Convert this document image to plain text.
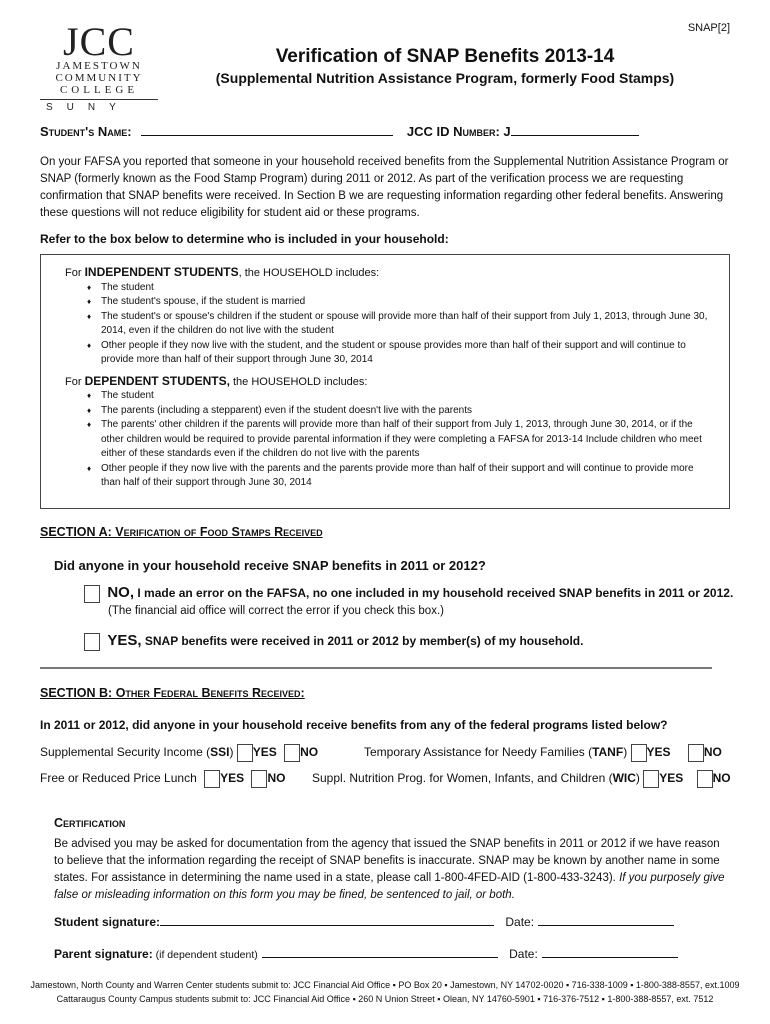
SNAP[2]
JCC
JAMESTOWN
COMMUNITY
COLLEGE
SUNY
Verification of SNAP Benefits 2013-14
(Supplemental Nutrition Assistance Program, formerly Food Stamps)
Student's Name:	JCC ID Number: J
On your FAFSA you reported that someone in your household received benefits from the Supplemental Nutrition Assistance Program or SNAP (formerly known as the Food Stamp Program) during 2011 or 2012. As part of the verification process we are requesting confirmation that SNAP benefits were received. In Section B we are requesting information regarding other federal benefits. Answering these questions will not reduce eligibility for student aid or these programs.
Refer to the box below to determine who is included in your household:
For INDEPENDENT STUDENTS, the HOUSEHOLD includes:
♦ The student
♦ The student's spouse, if the student is married
♦ The student's or spouse's children if the student or spouse will provide more than half of their support from July 1, 2013, through June 30, 2014, even if the children do not live with the student
♦ Other people if they now live with the student, and the student or spouse provides more than half of their support and will continue to provide more than half of their support through June 30, 2014
For DEPENDENT STUDENTS, the HOUSEHOLD includes:
♦ The student
♦ The parents (including a stepparent) even if the student doesn't live with the parents
♦ The parents' other children if the parents will provide more than half of their support from July 1, 2013, through June 30, 2014, or if the other children would be required to provide parental information if they were completing a FAFSA for 2013-14 Include children who meet either of these standards even if the children do not live with the parents
♦ Other people if they now live with the parents and the parents provide more than half of their support and will continue to provide more than half of their support through June 30, 2014
SECTION A: Verification of Food Stamps Received
Did anyone in your household receive SNAP benefits in 2011 or 2012?
NO, I made an error on the FAFSA, no one included in my household received SNAP benefits in 2011 or 2012.
(The financial aid office will correct the error if you check this box.)
YES, SNAP benefits were received in 2011 or 2012 by member(s) of my household.
SECTION B: Other Federal Benefits Received:
In 2011 or 2012, did anyone in your household receive benefits from any of the federal programs listed below?
Supplemental Security Income (SSI) YES NO	Temporary Assistance for Needy Families (TANF) YES	NO
Free or Reduced Price Lunch YES NO Suppl. Nutrition Prog. for Women, Infants, and Children (WIC) YES NO
Certification
Be advised you may be asked for documentation from the agency that issued the SNAP benefits in 2011 or 2012 if we have reason to believe that the information regarding the receipt of SNAP benefits is inaccurate. SNAP may be known by another name in some states. For assistance in determining the name used in a state, please call 1-800-4FED-AID (1-800-433-3243). If you purposely give false or misleading information on this form you may be fined, be sentenced to jail, or both.
Student signature:	Date:
Parent signature: (if dependent student)	Date:
Jamestown, North County and Warren Center students submit to: JCC Financial Aid Office ▪ PO Box 20 ▪ Jamestown, NY 14702-0020 ▪ 716-338-1009 ▪ 1-800-388-8557, ext.1009
Cattaraugus County Campus students submit to: JCC Financial Aid Office ▪ 260 N Union Street ▪ Olean, NY 14760-5901 ▪ 716-376-7512 ▪ 1-800-388-8557, ext. 7512
